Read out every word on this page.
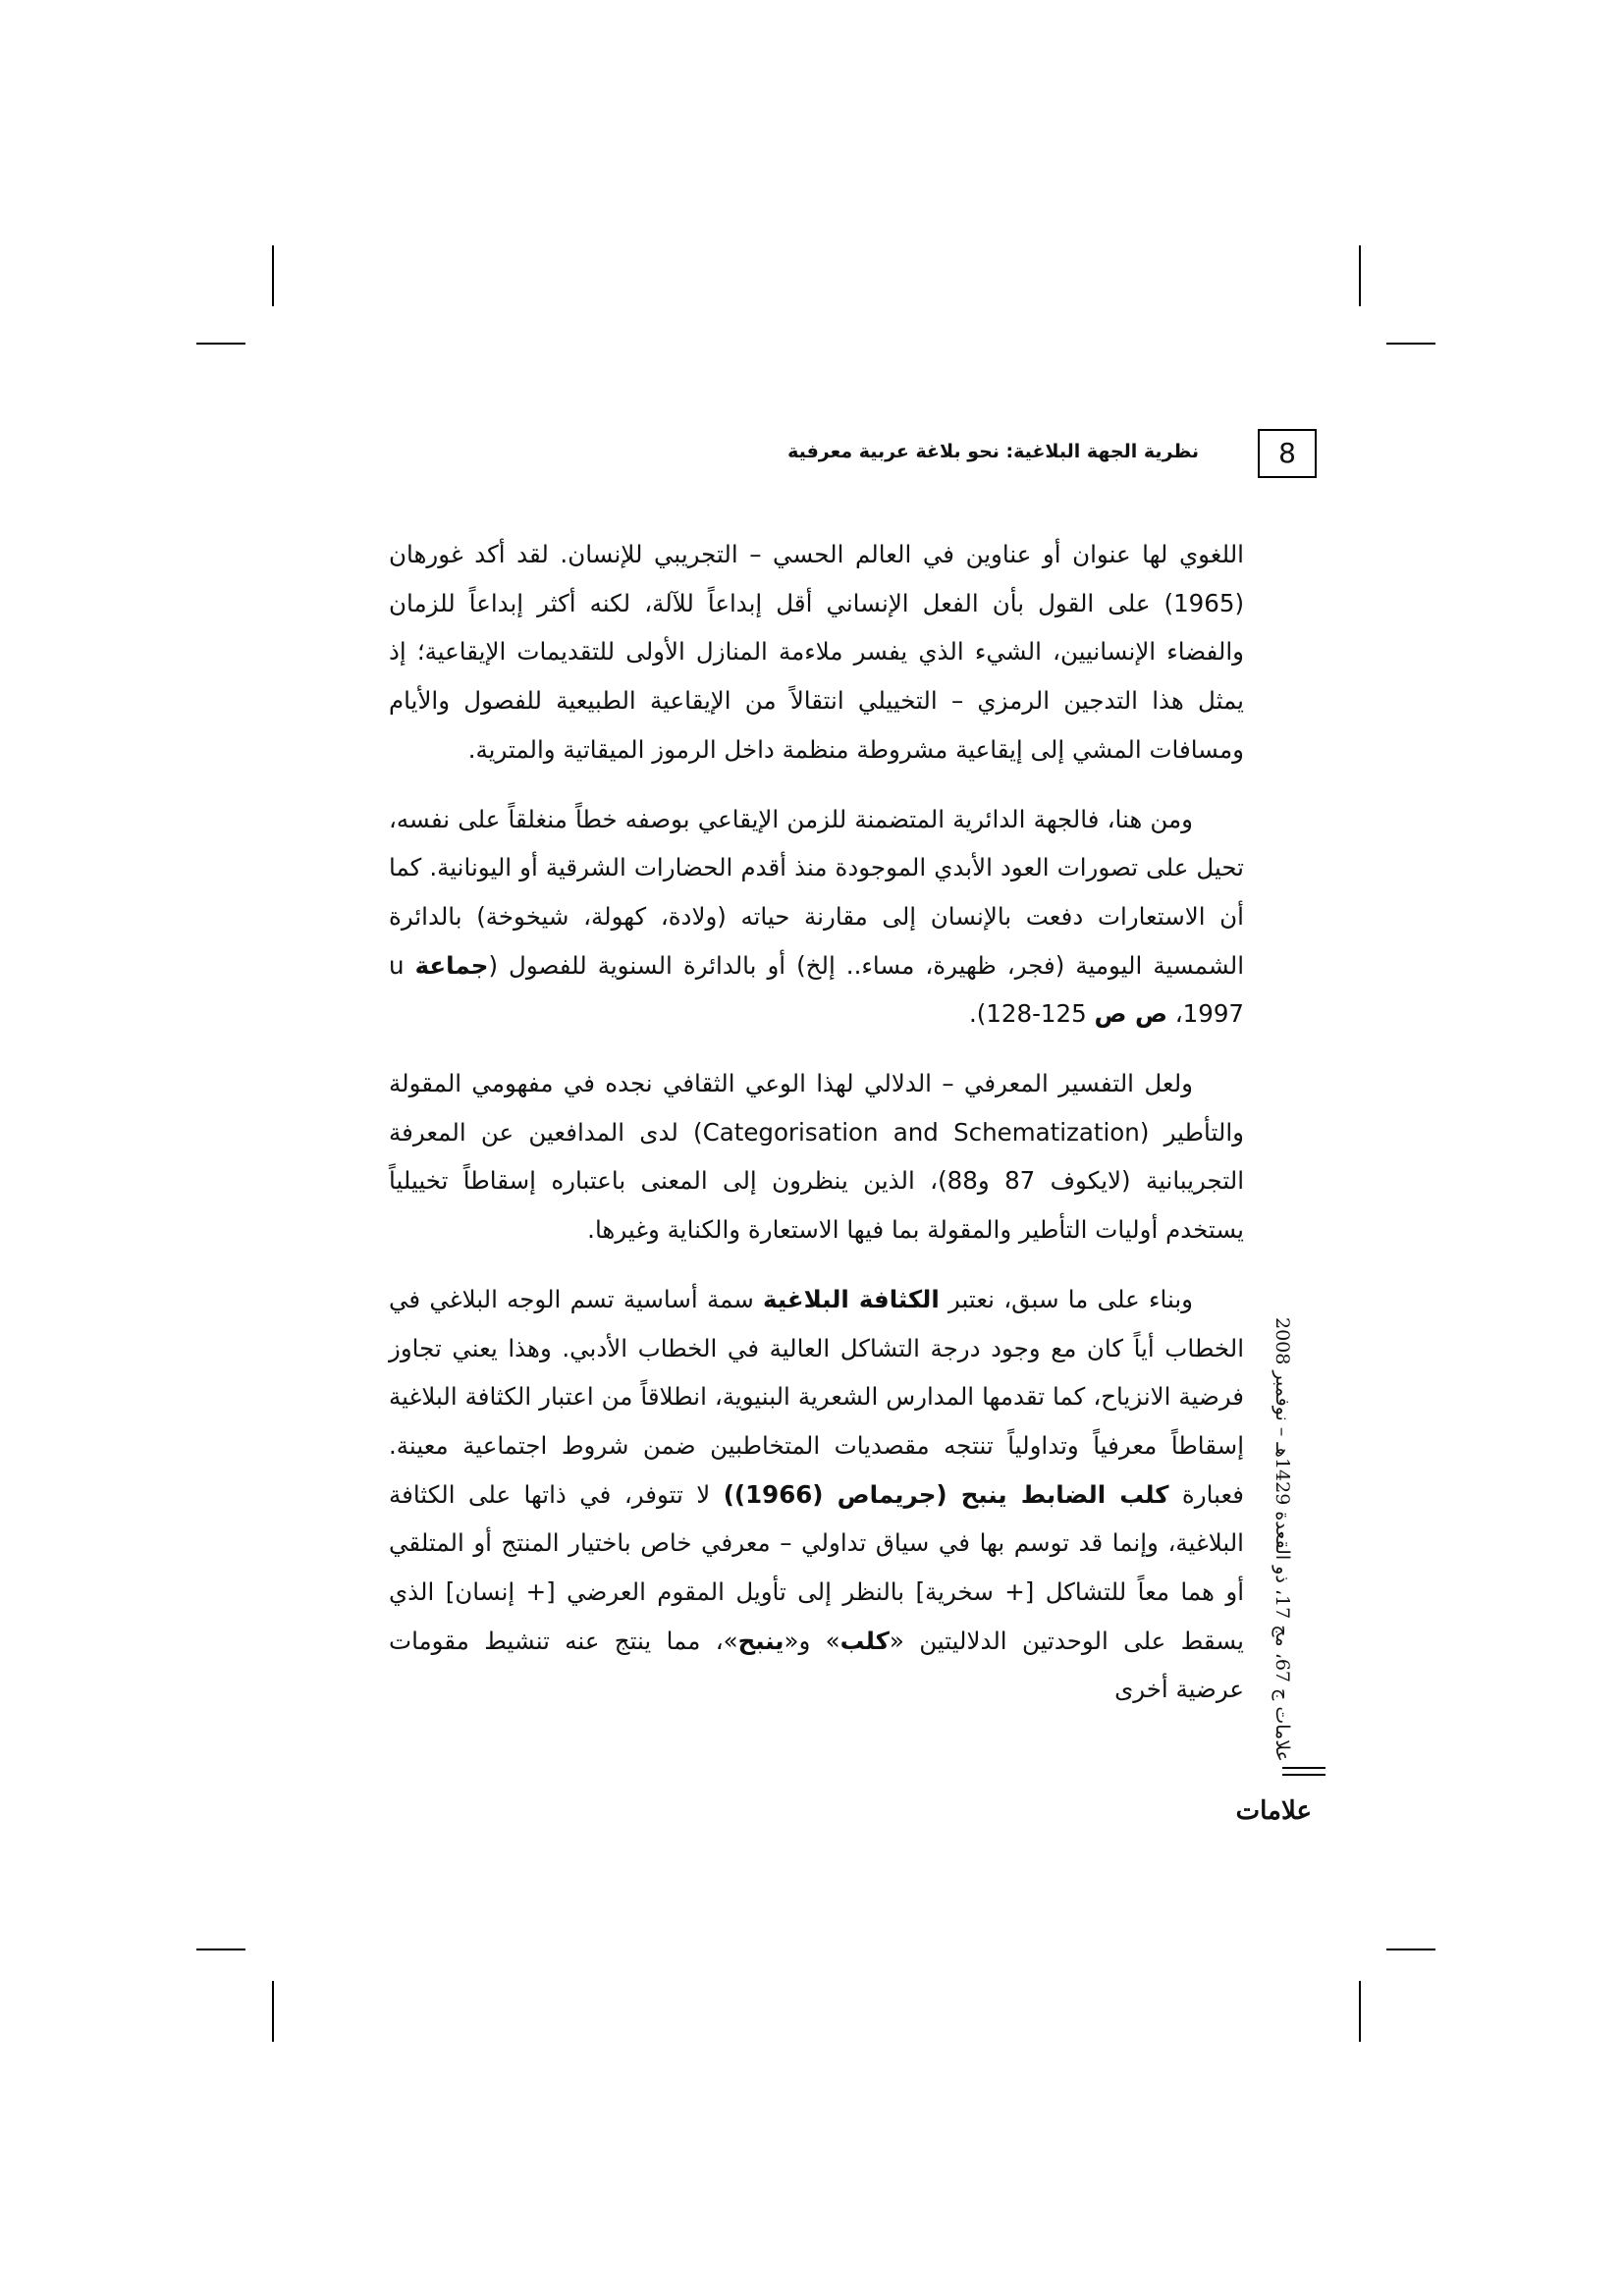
8
نظرية الجهة البلاغية: نحو بلاغة عربية معرفية

اللغوي لها عنوان أو عناوين في العالم الحسي – التجريبي للإنسان. لقد أكد غورهان (1965) على القول بأن الفعل الإنساني أقل إبداعاً للآلة، لكنه أكثر إبداعاً للزمان والفضاء الإنسانيين، الشيء الذي يفسر ملاءمة المنازل الأولى للتقديمات الإيقاعية؛ إذ يمثل هذا التدجين الرمزي – التخييلي انتقالاً من الإيقاعية الطبيعية للفصول والأيام ومسافات المشي إلى إيقاعية مشروطة منظمة داخل الرموز الميقاتية والمترية.

ومن هنا، فالجهة الدائرية المتضمنة للزمن الإيقاعي بوصفه خطاً منغلقاً على نفسه، تحيل على تصورات العود الأبدي الموجودة منذ أقدم الحضارات الشرقية أو اليونانية. كما أن الاستعارات دفعت بالإنسان إلى مقارنة حياته (ولادة، كهولة، شيخوخة) بالدائرة الشمسية اليومية (فجر، ظهيرة، مساء.. إلخ) أو بالدائرة السنوية للفصول (جماعة u 1997، ص ص 125-128).

ولعل التفسير المعرفي – الدلالي لهذا الوعي الثقافي نجده في مفهومي المقولة والتأطير (Categorisation and Schematization) لدى المدافعين عن المعرفة التجريبانية (لايكوف 87 و88)، الذين ينظرون إلى المعنى باعتباره إسقاطاً تخييلياً يستخدم أوليات التأطير والمقولة بما فيها الاستعارة والكناية وغيرها.

وبناء على ما سبق، نعتبر الكثافة البلاغية سمة أساسية تسم الوجه البلاغي في الخطاب أياً كان مع وجود درجة التشاكل العالية في الخطاب الأدبي. وهذا يعني تجاوز فرضية الانزياح، كما تقدمها المدارس الشعرية البنيوية، انطلاقاً من اعتبار الكثافة البلاغية إسقاطاً معرفياً وتداولياً تنتجه مقصديات المتخاطبين ضمن شروط اجتماعية معينة. فعبارة كلب الضابط ينبح (جريماص (1966)) لا تتوفر، في ذاتها على الكثافة البلاغية، وإنما قد توسم بها في سياق تداولي – معرفي خاص باختيار المنتج أو المتلقي أو هما معاً للتشاكل [+ سخرية] بالنظر إلى تأويل المقوم العرضي [+ إنسان] الذي يسقط على الوحدتين الدلاليتين «كلب» و«ينبح»، مما ينتج عنه تنشيط مقومات عرضية أخرى

علامات ج 67، مج 17، ذو القعدة 1429هـ – نوفمبر 2008
علامات
